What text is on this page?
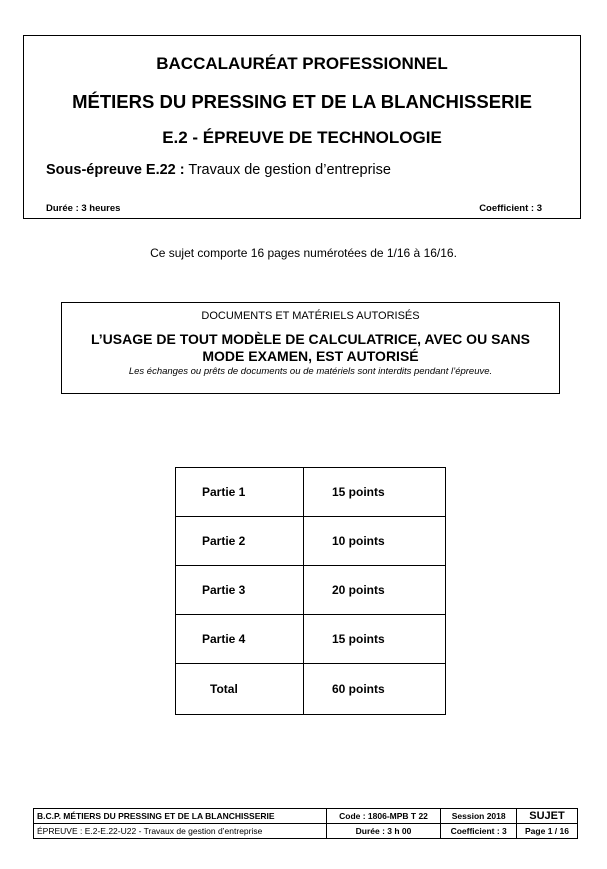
BACCALAURÉAT PROFESSIONNEL
MÉTIERS DU PRESSING ET DE LA BLANCHISSERIE
E.2 - ÉPREUVE DE TECHNOLOGIE
Sous-épreuve E.22 : Travaux de gestion d’entreprise
Durée : 3 heures	Coefficient : 3
Ce sujet comporte 16 pages numérotées de 1/16 à 16/16.
DOCUMENTS ET MATÉRIELS AUTORISÉS
L’USAGE DE TOUT MODÈLE DE CALCULATRICE, AVEC OU SANS MODE EXAMEN, EST AUTORISÉ
Les échanges ou prêts de documents ou de matériels sont interdits pendant l’épreuve.
Partie 1	15 points
Partie 2	10 points
Partie 3	20 points
Partie 4	15 points
Total	60 points
B.C.P. MÉTIERS DU PRESSING ET DE LA BLANCHISSERIE	Code : 1806-MPB T 22	Session 2018	SUJET
ÉPREUVE : E.2-E.22-U22 - Travaux de gestion d’entreprise	Durée : 3 h 00	Coefficient : 3	Page 1 / 16
